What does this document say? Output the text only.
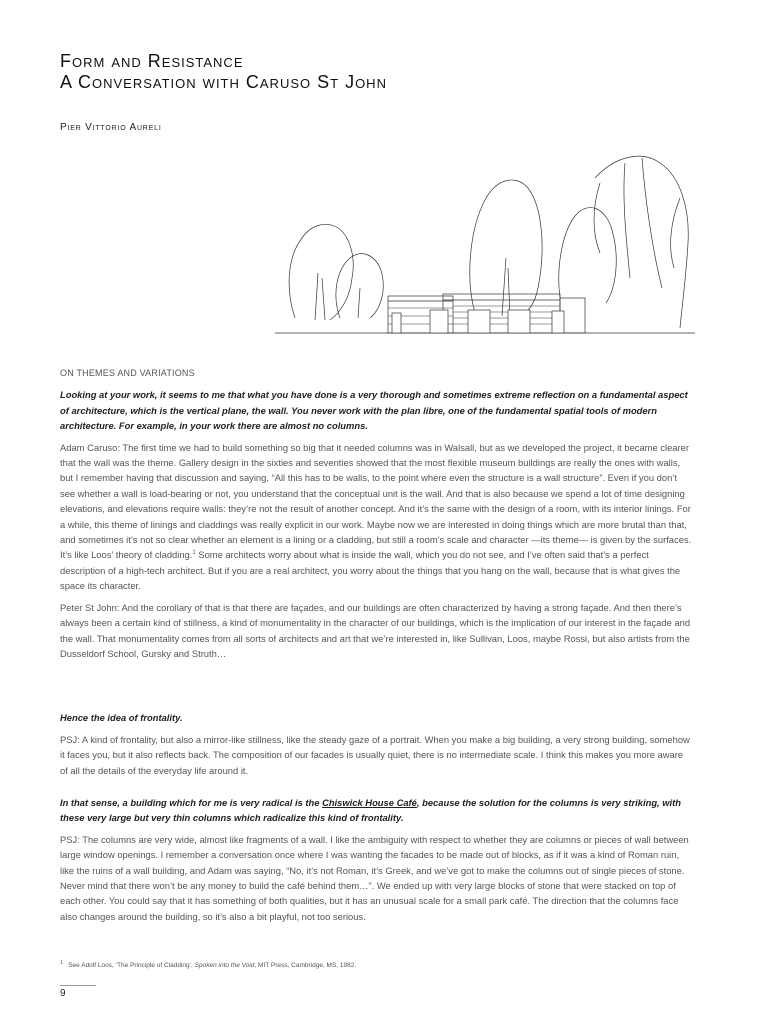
Form and Resistance
A Conversation with Caruso St John
Pier Vittorio Aureli

ON THEMES AND VARIATIONS

Looking at your work, it seems to me that what you have done is a very thorough and sometimes extreme reflection on a fundamental aspect of architecture, which is the vertical plane, the wall. You never work with the plan libre, one of the fundamental spatial tools of modern architecture. For example, in your work there are almost no columns.

Adam Caruso: The first time we had to build something so big that it needed columns was in Walsall, but as we developed the project, it became clearer that the wall was the theme. Gallery design in the sixties and seventies showed that the most flexible museum buildings are really the ones with walls, but I remember having that discussion and saying, “All this has to be walls, to the point where even the structure is a wall structure”. Even if you don’t see whether a wall is load-bearing or not, you understand that the conceptual unit is the wall. And that is also because we spend a lot of time designing elevations, and elevations require walls: they’re not the result of another concept. And it’s the same with the design of a room, with its interior linings. For a while, this theme of linings and claddings was really explicit in our work. Maybe now we are interested in doing things which are more brutal than that, and sometimes it’s not so clear whether an element is a lining or a cladding, but still a room’s scale and character —its theme— is given by the surfaces. It’s like Loos’ theory of cladding.$^1$ Some architects worry about what is inside the wall, which you do not see, and I’ve often said that’s a perfect description of a high-tech architect. But if you are a real architect, you worry about the things that you hang on the wall, because that is what gives the space its character.

Peter St John: And the corollary of that is that there are façades, and our buildings are often characterized by having a strong façade. And then there’s always been a certain kind of stillness, a kind of monumentality in the character of our buildings, which is the implication of our interest in the façade and the wall. That monumentality comes from all sorts of architects and art that we’re interested in, like Sullivan, Loos, maybe Rossi, but also artists from the Dusseldorf School, Gursky and Struth…

Hence the idea of frontality.

PSJ: A kind of frontality, but also a mirror-like stillness, like the steady gaze of a portrait. When you make a big building, a very strong building, somehow it faces you, but it also reflects back. The composition of our facades is usually quiet, there is no intermediate scale. I think this makes you more aware of all the details of the everyday life around it.

In that sense, a building which for me is very radical is the Chiswick House Café, because the solution for the columns is very striking, with these very large but very thin columns which radicalize this kind of frontality.

PSJ: The columns are very wide, almost like fragments of a wall. I like the ambiguity with respect to whether they are columns or pieces of wall between large window openings. I remember a conversation once where I was wanting the facades to be made out of blocks, as if it was a kind of Roman ruin, like the ruins of a wall building, and Adam was saying, “No, it’s not Roman, it’s Greek, and we’ve got to make the columns out of single pieces of stone. Never mind that there won’t be any money to build the café behind them…”. We ended up with very large blocks of stone that were stacked on top of each other. You could say that it has something of both qualities, but it has an unusual scale for a small park café. The direction that the columns face also changes around the building, so it’s also a bit playful, not too serious.

$^1$ See Adolf Loos, ‘The Principle of Cladding’, Spoken into the Void, MIT Press, Cambridge, MS, 1982.
9
